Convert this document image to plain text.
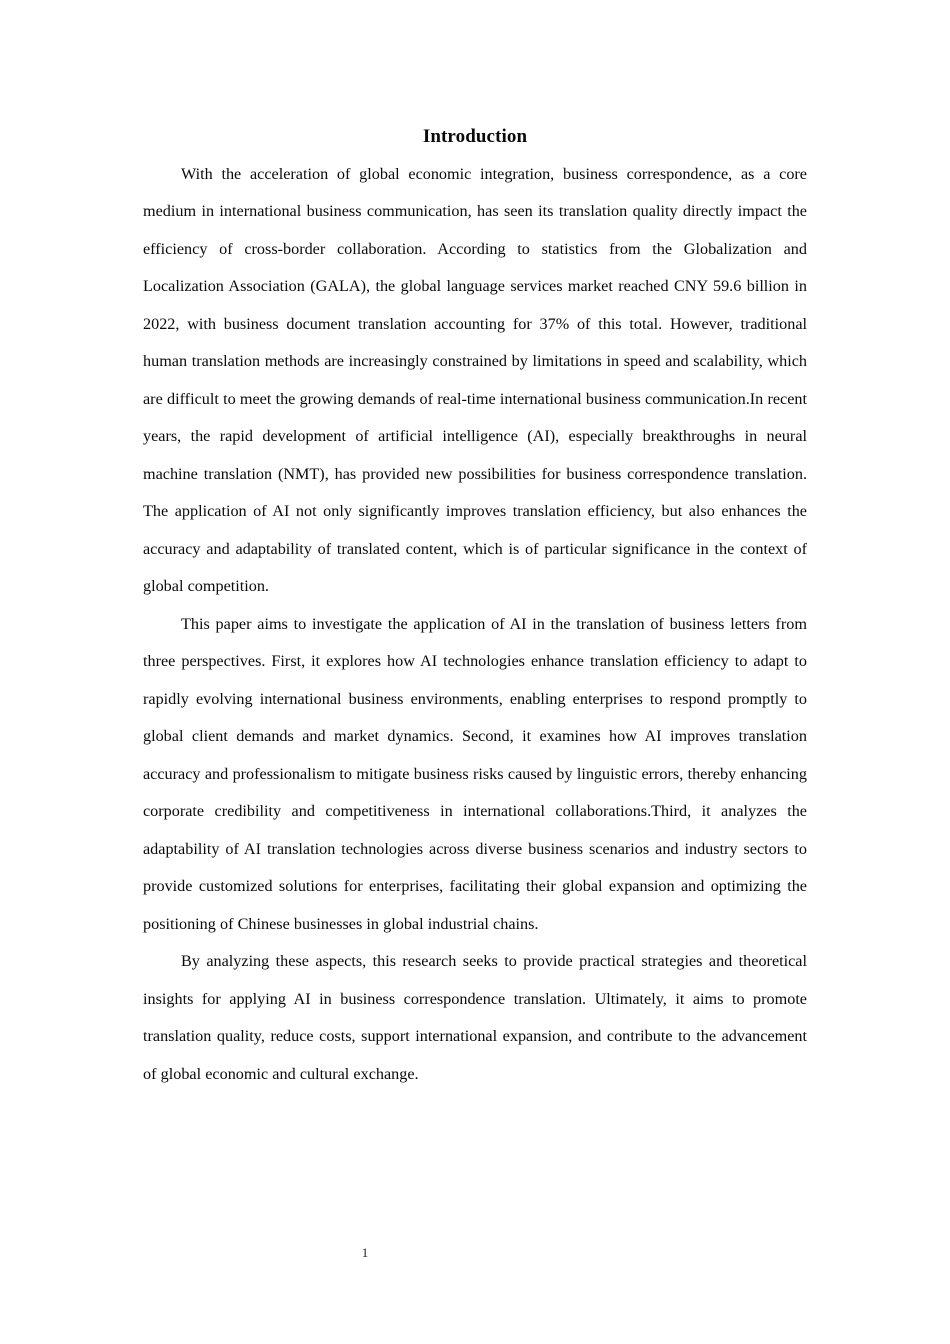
Introduction

With the acceleration of global economic integration, business correspondence, as a core medium in international business communication, has seen its translation quality directly impact the efficiency of cross-border collaboration. According to statistics from the Globalization and Localization Association (GALA), the global language services market reached CNY 59.6 billion in 2022, with business document translation accounting for 37% of this total. However, traditional human translation methods are increasingly constrained by limitations in speed and scalability, which are difficult to meet the growing demands of real-time international business communication.In recent years, the rapid development of artificial intelligence (AI), especially breakthroughs in neural machine translation (NMT), has provided new possibilities for business correspondence translation. The application of AI not only significantly improves translation efficiency, but also enhances the accuracy and adaptability of translated content, which is of particular significance in the context of global competition.

This paper aims to investigate the application of AI in the translation of business letters from three perspectives. First, it explores how AI technologies enhance translation efficiency to adapt to rapidly evolving international business environments, enabling enterprises to respond promptly to global client demands and market dynamics. Second, it examines how AI improves translation accuracy and professionalism to mitigate business risks caused by linguistic errors, thereby enhancing corporate credibility and competitiveness in international collaborations.Third, it analyzes the adaptability of AI translation technologies across diverse business scenarios and industry sectors to provide customized solutions for enterprises, facilitating their global expansion and optimizing the positioning of Chinese businesses in global industrial chains.

By analyzing these aspects, this research seeks to provide practical strategies and theoretical insights for applying AI in business correspondence translation. Ultimately, it aims to promote translation quality, reduce costs, support international expansion, and contribute to the advancement of global economic and cultural exchange.

1
